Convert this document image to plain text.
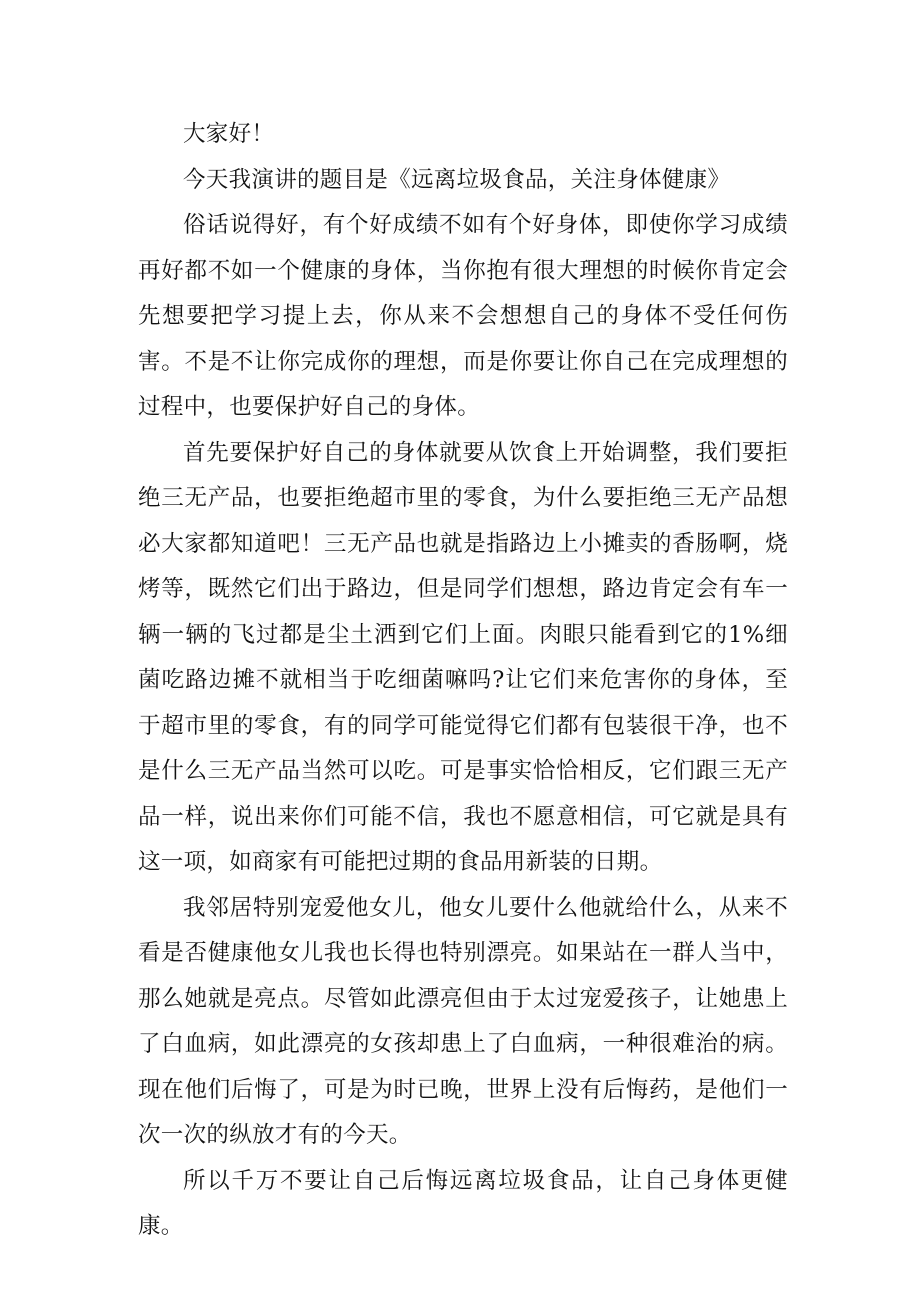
大家好！

今天我演讲的题目是《远离垃圾食品，关注身体健康》

俗话说得好，有个好成绩不如有个好身体，即使你学习成绩再好都不如一个健康的身体，当你抱有很大理想的时候你肯定会先想要把学习提上去，你从来不会想想自己的身体不受任何伤害。不是不让你完成你的理想，而是你要让你自己在完成理想的过程中，也要保护好自己的身体。

首先要保护好自己的身体就要从饮食上开始调整，我们要拒绝三无产品，也要拒绝超市里的零食，为什么要拒绝三无产品想必大家都知道吧！三无产品也就是指路边上小摊卖的香肠啊，烧烤等，既然它们出于路边，但是同学们想想，路边肯定会有车一辆一辆的飞过都是尘土洒到它们上面。肉眼只能看到它的1%细菌吃路边摊不就相当于吃细菌嘛吗?让它们来危害你的身体，至于超市里的零食，有的同学可能觉得它们都有包装很干净，也不是什么三无产品当然可以吃。可是事实恰恰相反，它们跟三无产品一样，说出来你们可能不信，我也不愿意相信，可它就是具有这一项，如商家有可能把过期的食品用新装的日期。

我邻居特别宠爱他女儿，他女儿要什么他就给什么，从来不看是否健康他女儿我也长得也特别漂亮。如果站在一群人当中，那么她就是亮点。尽管如此漂亮但由于太过宠爱孩子，让她患上了白血病，如此漂亮的女孩却患上了白血病，一种很难治的病。现在他们后悔了，可是为时已晚，世界上没有后悔药，是他们一次一次的纵放才有的今天。

所以千万不要让自己后悔远离垃圾食品，让自己身体更健康。
